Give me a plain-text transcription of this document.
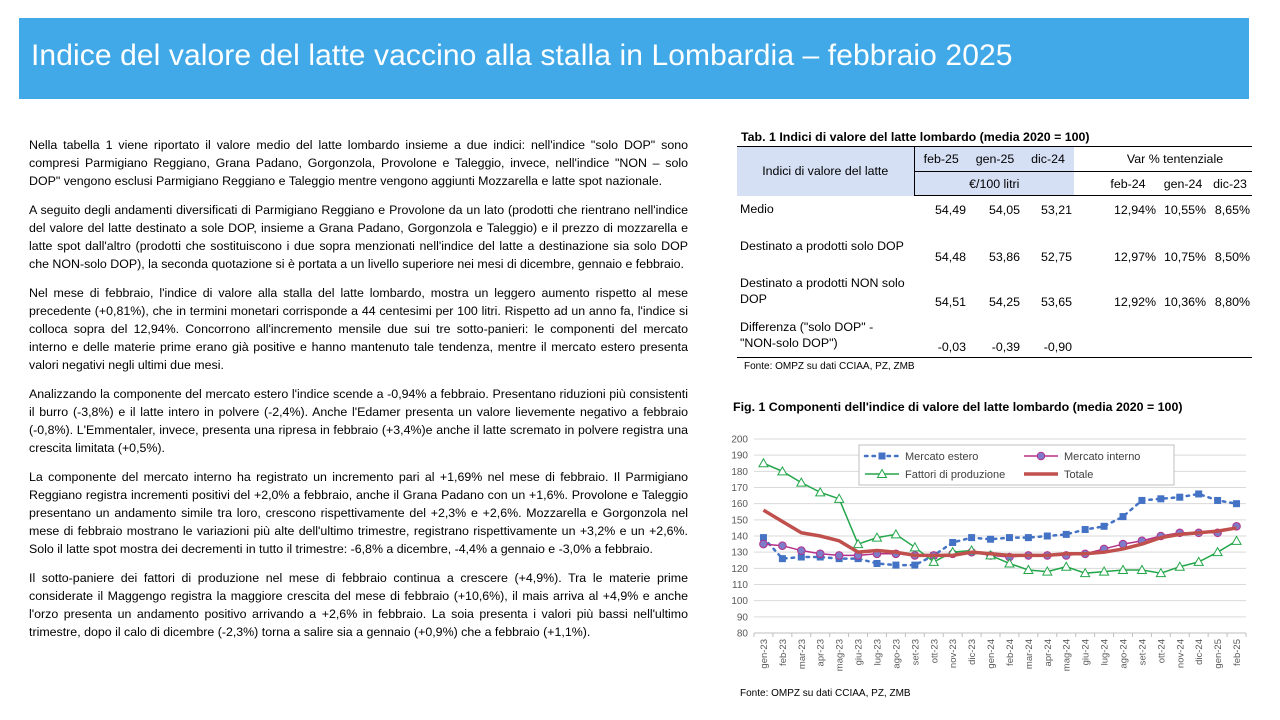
Indice del valore del latte vaccino alla stalla in Lombardia – febbraio 2025

Nella tabella 1 viene riportato il valore medio del latte lombardo insieme a due indici: nell'indice "solo DOP" sono compresi Parmigiano Reggiano, Grana Padano, Gorgonzola, Provolone e Taleggio, invece, nell'indice "NON – solo DOP" vengono esclusi Parmigiano Reggiano e Taleggio mentre vengono aggiunti Mozzarella e latte spot nazionale.

A seguito degli andamenti diversificati di Parmigiano Reggiano e Provolone da un lato (prodotti che rientrano nell'indice del valore del latte destinato a sole DOP, insieme a Grana Padano, Gorgonzola e Taleggio) e il prezzo di mozzarella e latte spot dall'altro (prodotti che sostituiscono i due sopra menzionati nell'indice del latte a destinazione sia solo DOP che NON-solo DOP), la seconda quotazione si è portata a un livello superiore nei mesi di dicembre, gennaio e febbraio.

Nel mese di febbraio, l'indice di valore alla stalla del latte lombardo, mostra un leggero aumento rispetto al mese precedente (+0,81%), che in termini monetari corrisponde a 44 centesimi per 100 litri. Rispetto ad un anno fa, l'indice si colloca sopra del 12,94%. Concorrono all'incremento mensile due sui tre sotto-panieri: le componenti del mercato interno e delle materie prime erano già positive e hanno mantenuto tale tendenza, mentre il mercato estero presenta valori negativi negli ultimi due mesi.

Analizzando la componente del mercato estero l'indice scende a -0,94% a febbraio. Presentano riduzioni più consistenti il burro (-3,8%) e il latte intero in polvere (-2,4%). Anche l'Edamer presenta un valore lievemente negativo a febbraio (-0,8%). L'Emmentaler, invece, presenta una ripresa in febbraio (+3,4%)e anche il latte scremato in polvere registra una crescita limitata (+0,5%).

La componente del mercato interno ha registrato un incremento pari al +1,69% nel mese di febbraio. Il Parmigiano Reggiano registra incrementi positivi del +2,0% a febbraio, anche il Grana Padano con un +1,6%. Provolone e Taleggio presentano un andamento simile tra loro, crescono rispettivamente del +2,3% e +2,6%. Mozzarella e Gorgonzola nel mese di febbraio mostrano le variazioni più alte dell'ultimo trimestre, registrano rispettivamente un +3,2% e un +2,6%. Solo il latte spot mostra dei decrementi in tutto il trimestre: -6,8% a dicembre, -4,4% a gennaio e -3,0% a febbraio.

Il sotto-paniere dei fattori di produzione nel mese di febbraio continua a crescere (+4,9%). Tra le materie prime considerate il Maggengo registra la maggiore crescita del mese di febbraio (+10,6%), il mais arriva al +4,9% e anche l'orzo presenta un andamento positivo arrivando a +2,6% in febbraio. La soia presenta i valori più bassi nell'ultimo trimestre, dopo il calo di dicembre (-2,3%) torna a salire sia a gennaio (+0,9%) che a febbraio (+1,1%).

Tab. 1 Indici di valore del latte lombardo (media 2020 = 100)
Indici di valore del latte	feb-25	gen-25	dic-24		Var % tentenziale		
	€/100 litri				feb-24	gen-24	dic-23
Medio	54,49	54,05	53,21		12,94%	10,55%	8,65%
Destinato a prodotti solo DOP	54,48	53,86	52,75		12,97%	10,75%	8,50%
Destinato a prodotti NON solo DOP	54,51	54,25	53,65		12,92%	10,36%	8,80%
Differenza ("solo DOP" - "NON-solo DOP")	-0,03	-0,39	-0,90				
Fonte: OMPZ su dati CCIAA, PZ, ZMB
Fig. 1 Componenti dell'indice di valore del latte lombardo (media 2020 = 100)
80
90
100
110
120
130
140
150
160
170
180
190
200
gen-23 feb-23 mar-23 apr-23 mag-23 giu-23 lug-23 ago-23 set-23 ott-23 nov-23 dic-23 gen-24 feb-24 mar-24 apr-24 mag-24 giu-24 lug-24 ago-24 set-24 ott-24 nov-24 dic-24 gen-25 feb-25
Mercato estero	Mercato interno
Fattori di produzione	Totale
Fonte: OMPZ su dati CCIAA, PZ, ZMB
